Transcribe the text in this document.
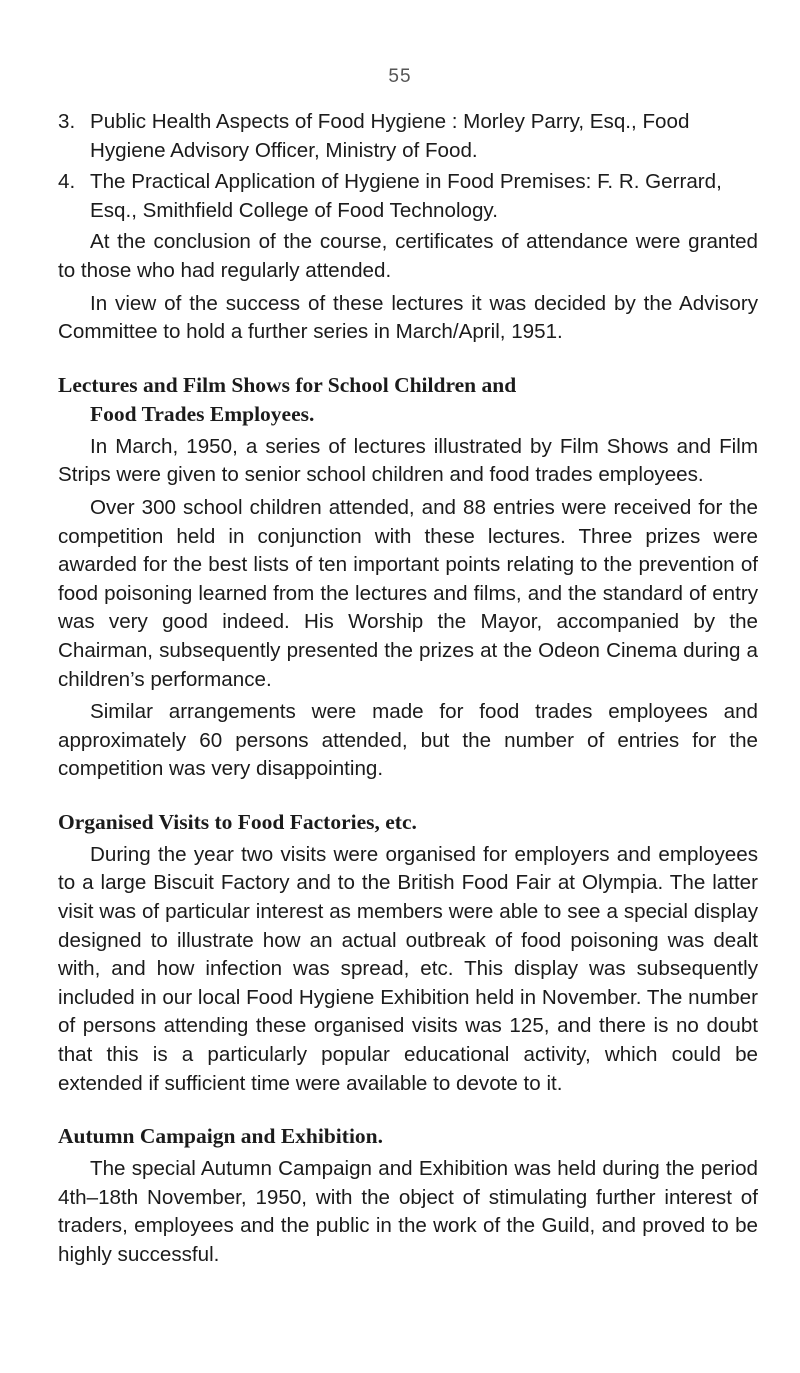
55
3. Public Health Aspects of Food Hygiene : Morley Parry, Esq., Food Hygiene Advisory Officer, Ministry of Food.
4. The Practical Application of Hygiene in Food Premises: F. R. Gerrard, Esq., Smithfield College of Food Technology.
At the conclusion of the course, certificates of attendance were granted to those who had regularly attended.
In view of the success of these lectures it was decided by the Advisory Committee to hold a further series in March/April, 1951.
Lectures and Film Shows for School Children and
Food Trades Employees.
In March, 1950, a series of lectures illustrated by Film Shows and Film Strips were given to senior school children and food trades employees.
Over 300 school children attended, and 88 entries were received for the competition held in conjunction with these lectures. Three prizes were awarded for the best lists of ten important points relating to the prevention of food poisoning learned from the lectures and films, and the standard of entry was very good indeed. His Worship the Mayor, accompanied by the Chairman, subsequently presented the prizes at the Odeon Cinema during a children’s performance.
Similar arrangements were made for food trades employees and approximately 60 persons attended, but the number of entries for the competition was very disappointing.
Organised Visits to Food Factories, etc.
During the year two visits were organised for employers and employees to a large Biscuit Factory and to the British Food Fair at Olympia. The latter visit was of particular interest as members were able to see a special display designed to illustrate how an actual outbreak of food poisoning was dealt with, and how infection was spread, etc. This display was subsequently included in our local Food Hygiene Exhibition held in November. The number of persons attending these organised visits was 125, and there is no doubt that this is a particularly popular educational activity, which could be extended if sufficient time were available to devote to it.
Autumn Campaign and Exhibition.
The special Autumn Campaign and Exhibition was held during the period 4th–18th November, 1950, with the object of stimulating further interest of traders, employees and the public in the work of the Guild, and proved to be highly successful.
